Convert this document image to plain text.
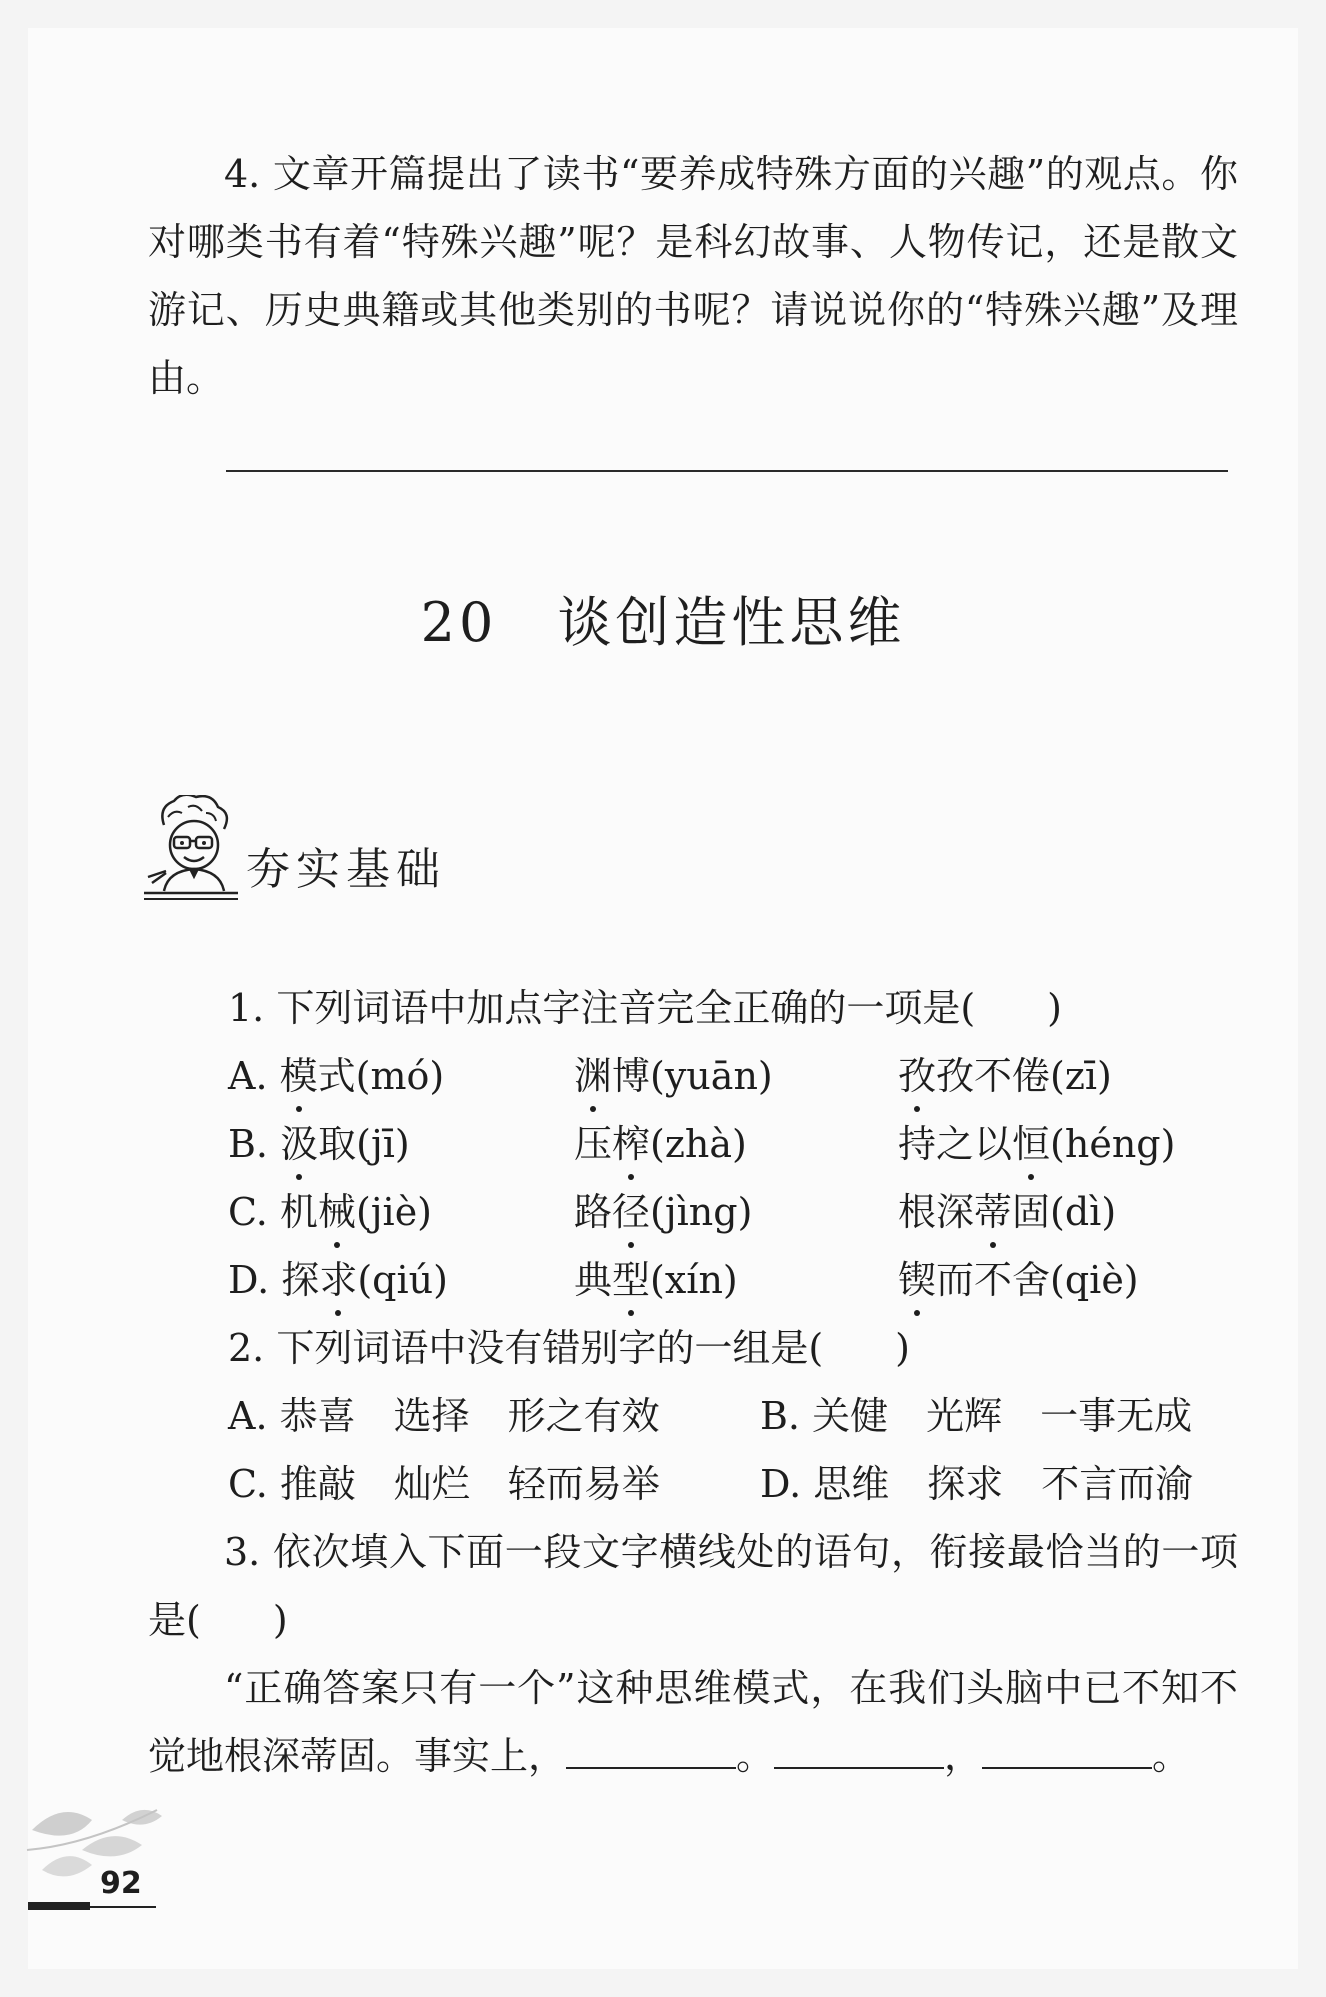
4. 文章开篇提出了读书“要养成特殊方面的兴趣”的观点。你对哪类书有着“特殊兴趣”呢？是科幻故事、人物传记，还是散文游记、历史典籍或其他类别的书呢？请说说你的“特殊兴趣”及理由。

20 谈创造性思维
夯实基础
1. 下列词语中加点字注音完全正确的一项是( )
A. 模式(mó)	渊博(yuān)	孜孜不倦(zī)
B. 汲取(jī)	压榨(zhà)	持之以恒(héng)
C. 机械(jiè)	路径(jìng)	根深蒂固(dì)
D. 探求(qiú)	典型(xín)	锲而不舍(qiè)
2. 下列词语中没有错别字的一组是( )
A. 恭喜　选择　形之有效	B. 关健　光辉　一事无成
C. 推敲　灿烂　轻而易举	D. 思维　探求　不言而渝

3. 依次填入下面一段文字横线处的语句，衔接最恰当的一项是( )

“正确答案只有一个”这种思维模式，在我们头脑中已不知不觉地根深蒂固。事实上，	。	，	。

92
